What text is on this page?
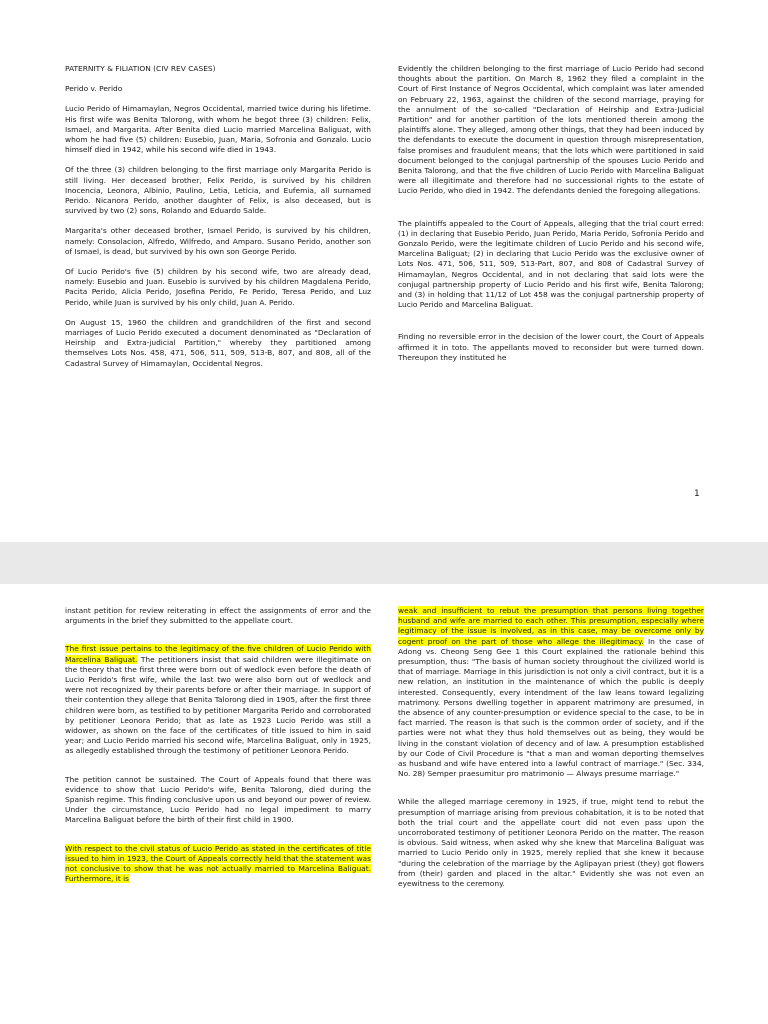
PATERNITY & FILIATION (CIV REV CASES)

Perido v. Perido

Lucio Perido of Himamaylan, Negros Occidental, married twice during his lifetime. His first wife was Benita Talorong, with whom he begot three (3) children: Felix, Ismael, and Margarita. After Benita died Lucio married Marcelina Baliguat, with whom he had five (5) children: Eusebio, Juan, Maria, Sofronia and Gonzalo. Lucio himself died in 1942, while his second wife died in 1943.

Of the three (3) children belonging to the first marriage only Margarita Perido is still living. Her deceased brother, Felix Perido, is survived by his children Inocencia, Leonora, Albinio, Paulino, Letia, Leticia, and Eufemia, all surnamed Perido. Nicanora Perido, another daughter of Felix, is also deceased, but is survived by two (2) sons, Rolando and Eduardo Salde.

Margarita's other deceased brother, Ismael Perido, is survived by his children, namely: Consolacion, Alfredo, Wilfredo, and Amparo. Susano Perido, another son of Ismael, is dead, but survived by his own son George Perido.

Of Lucio Perido's five (5) children by his second wife, two are already dead, namely: Eusebio and Juan. Eusebio is survived by his children Magdalena Perido, Pacita Perido, Alicia Perido, Josefina Perido, Fe Perido, Teresa Perido, and Luz Perido, while Juan is survived by his only child, Juan A. Perido.

On August 15, 1960 the children and grandchildren of the first and second marriages of Lucio Perido executed a document denominated as "Declaration of Heirship and Extra-judicial Partition," whereby they partitioned among themselves Lots Nos. 458, 471, 506, 511, 509, 513-B, 807, and 808, all of the Cadastral Survey of Himamaylan, Occidental Negros.

Evidently the children belonging to the first marriage of Lucio Perido had second thoughts about the partition. On March 8, 1962 they filed a complaint in the Court of First Instance of Negros Occidental, which complaint was later amended on February 22, 1963, against the children of the second marriage, praying for the annulment of the so-called "Declaration of Heirship and Extra-Judicial Partition" and for another partition of the lots mentioned therein among the plaintiffs alone. They alleged, among other things, that they had been induced by the defendants to execute the document in question through misrepresentation, false promises and fraudulent means; that the lots which were partitioned in said document belonged to the conjugal partnership of the spouses Lucio Perido and Benita Talorong, and that the five children of Lucio Perido with Marcelina Baliguat were all illegitimate and therefore had no successional rights to the estate of Lucio Perido, who died in 1942. The defendants denied the foregoing allegations.

The plaintiffs appealed to the Court of Appeals, alleging that the trial court erred: (1) in declaring that Eusebio Perido, Juan Perido, Maria Perido, Sofronia Perido and Gonzalo Perido, were the legitimate children of Lucio Perido and his second wife, Marcelina Baliguat; (2) in declaring that Lucio Perido was the exclusive owner of Lots Nos. 471, 506, 511, 509, 513-Part, 807, and 808 of Cadastral Survey of Himamaylan, Negros Occidental, and in not declaring that said lots were the conjugal partnership property of Lucio Perido and his first wife, Benita Talorong; and (3) in holding that 11/12 of Lot 458 was the conjugal partnership property of Lucio Perido and Marcelina Baliguat.

Finding no reversible error in the decision of the lower court, the Court of Appeals affirmed it in toto. The appellants moved to reconsider but were turned down. Thereupon they instituted he

1

instant petition for review reiterating in effect the assignments of error and the arguments in the brief they submitted to the appellate court.

The first issue pertains to the legitimacy of the five children of Lucio Perido with Marcelina Baliguat. The petitioners insist that said children were illegitimate on the theory that the first three were born out of wedlock even before the death of Lucio Perido's first wife, while the last two were also born out of wedlock and were not recognized by their parents before or after their marriage. In support of their contention they allege that Benita Talorong died in 1905, after the first three children were born, as testified to by petitioner Margarita Perido and corroborated by petitioner Leonora Perido; that as late as 1923 Lucio Perido was still a widower, as shown on the face of the certificates of title issued to him in said year; and Lucio Perido married his second wife, Marcelina Baliguat, only in 1925, as allegedly established through the testimony of petitioner Leonora Perido.

The petition cannot be sustained. The Court of Appeals found that there was evidence to show that Lucio Perido's wife, Benita Talorong, died during the Spanish regime. This finding conclusive upon us and beyond our power of review. Under the circumstance, Lucio Perido had no legal impediment to marry Marcelina Baliguat before the birth of their first child in 1900.

With respect to the civil status of Lucio Perido as stated in the certificates of title issued to him in 1923, the Court of Appeals correctly held that the statement was not conclusive to show that he was not actually married to Marcelina Baliguat. Furthermore, it is

weak and insufficient to rebut the presumption that persons living together husband and wife are married to each other. This presumption, especially where legitimacy of the issue is involved, as in this case, may be overcome only by cogent proof on the part of those who allege the illegitimacy. In the case of Adong vs. Cheong Seng Gee 1 this Court explained the rationale behind this presumption, thus: "The basis of human society throughout the civilized world is that of marriage. Marriage in this jurisdiction is not only a civil contract, but it is a new relation, an institution in the maintenance of which the public is deeply interested. Consequently, every intendment of the law leans toward legalizing matrimony. Persons dwelling together in apparent matrimony are presumed, in the absence of any counter-presumption or evidence special to the case, to be in fact married. The reason is that such is the common order of society, and if the parties were not what they thus hold themselves out as being, they would be living in the constant violation of decency and of law. A presumption established by our Code of Civil Procedure is "that a man and woman deporting themselves as husband and wife have entered into a lawful contract of marriage." (Sec. 334, No. 28) Semper praesumitur pro matrimonio — Always presume marriage."

While the alleged marriage ceremony in 1925, if true, might tend to rebut the presumption of marriage arising from previous cohabitation, it is to be noted that both the trial court and the appellate court did not even pass upon the uncorroborated testimony of petitioner Leonora Perido on the matter. The reason is obvious. Said witness, when asked why she knew that Marcelina Baliguat was married to Lucio Perido only in 1925, merely replied that she knew it because "during the celebration of the marriage by the Aglipayan priest (they) got flowers from (their) garden and placed in the altar." Evidently she was not even an eyewitness to the ceremony.
